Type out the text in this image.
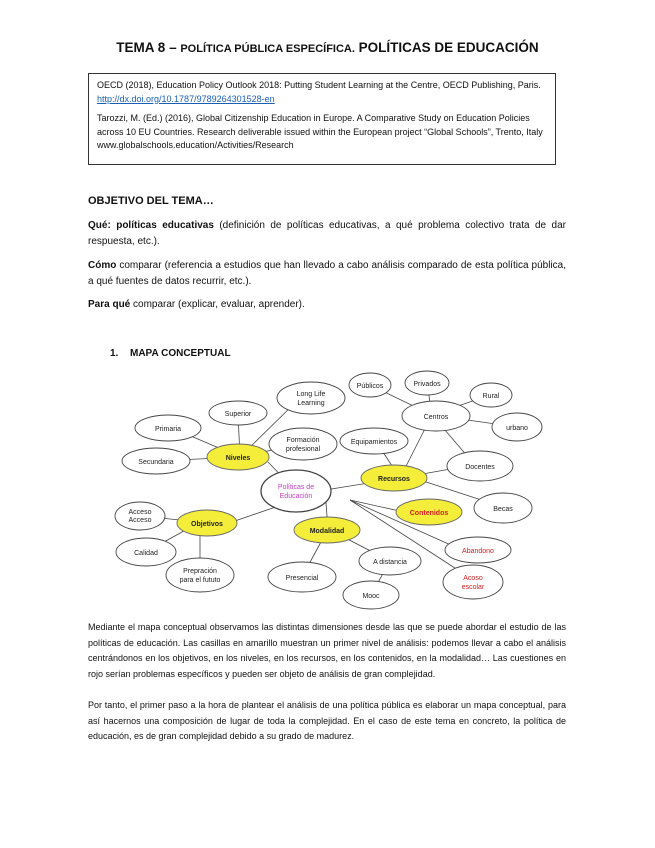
TEMA 8 – POLÍTICA PÚBLICA ESPECÍFICA. POLÍTICAS DE EDUCACIÓN

OECD (2018), Education Policy Outlook 2018: Putting Student Learning at the Centre, OECD Publishing, Paris. http://dx.doi.org/10.1787/9789264301528-en

Tarozzi, M. (Ed.) (2016), Global Citizenship Education in Europe. A Comparative Study on Education Policies across 10 EU Countries. Research deliverable issued within the European project “Global Schools”, Trento, Italy www.globalschools.education/Activities/Research

OBJETIVO DEL TEMA…
Qué: políticas educativas (definición de políticas educativas, a qué problema colectivo trata de dar respuesta, etc.).
Cómo comparar (referencia a estudios que han llevado a cabo análisis comparado de esta política pública, a qué fuentes de datos recurrir, etc.).
Para qué comparar (explicar, evaluar, aprender).
1. MAPA CONCEPTUAL
Primaria
Superior
Long Life Learning
Secundaria
Formación profesional
Públicos	Privados
Rural
Centros
urbano
Equipamientos
Docentes
Becas
Acceso Acceso
Calidad
Prepración para el fututo	Presencial
A distancia
Mooc
Abandono
Acoso escolar
Políticas de Educación
Niveles
Objetivos
Modalidad
Recursos
Contenidos
Mediante el mapa conceptual observamos las distintas dimensiones desde las que se puede abordar el estudio de las políticas de educación. Las casillas en amarillo muestran un primer nivel de análisis: podemos llevar a cabo el análisis centrándonos en los objetivos, en los niveles, en los recursos, en los contenidos, en la modalidad… Las cuestiones en rojo serían problemas específicos y pueden ser objeto de análisis de gran complejidad.
Por tanto, el primer paso a la hora de plantear el análisis de una política pública es elaborar un mapa conceptual, para así hacernos una composición de lugar de toda la complejidad. En el caso de este tema en concreto, la política de educación, es de gran complejidad debido a su grado de madurez.
